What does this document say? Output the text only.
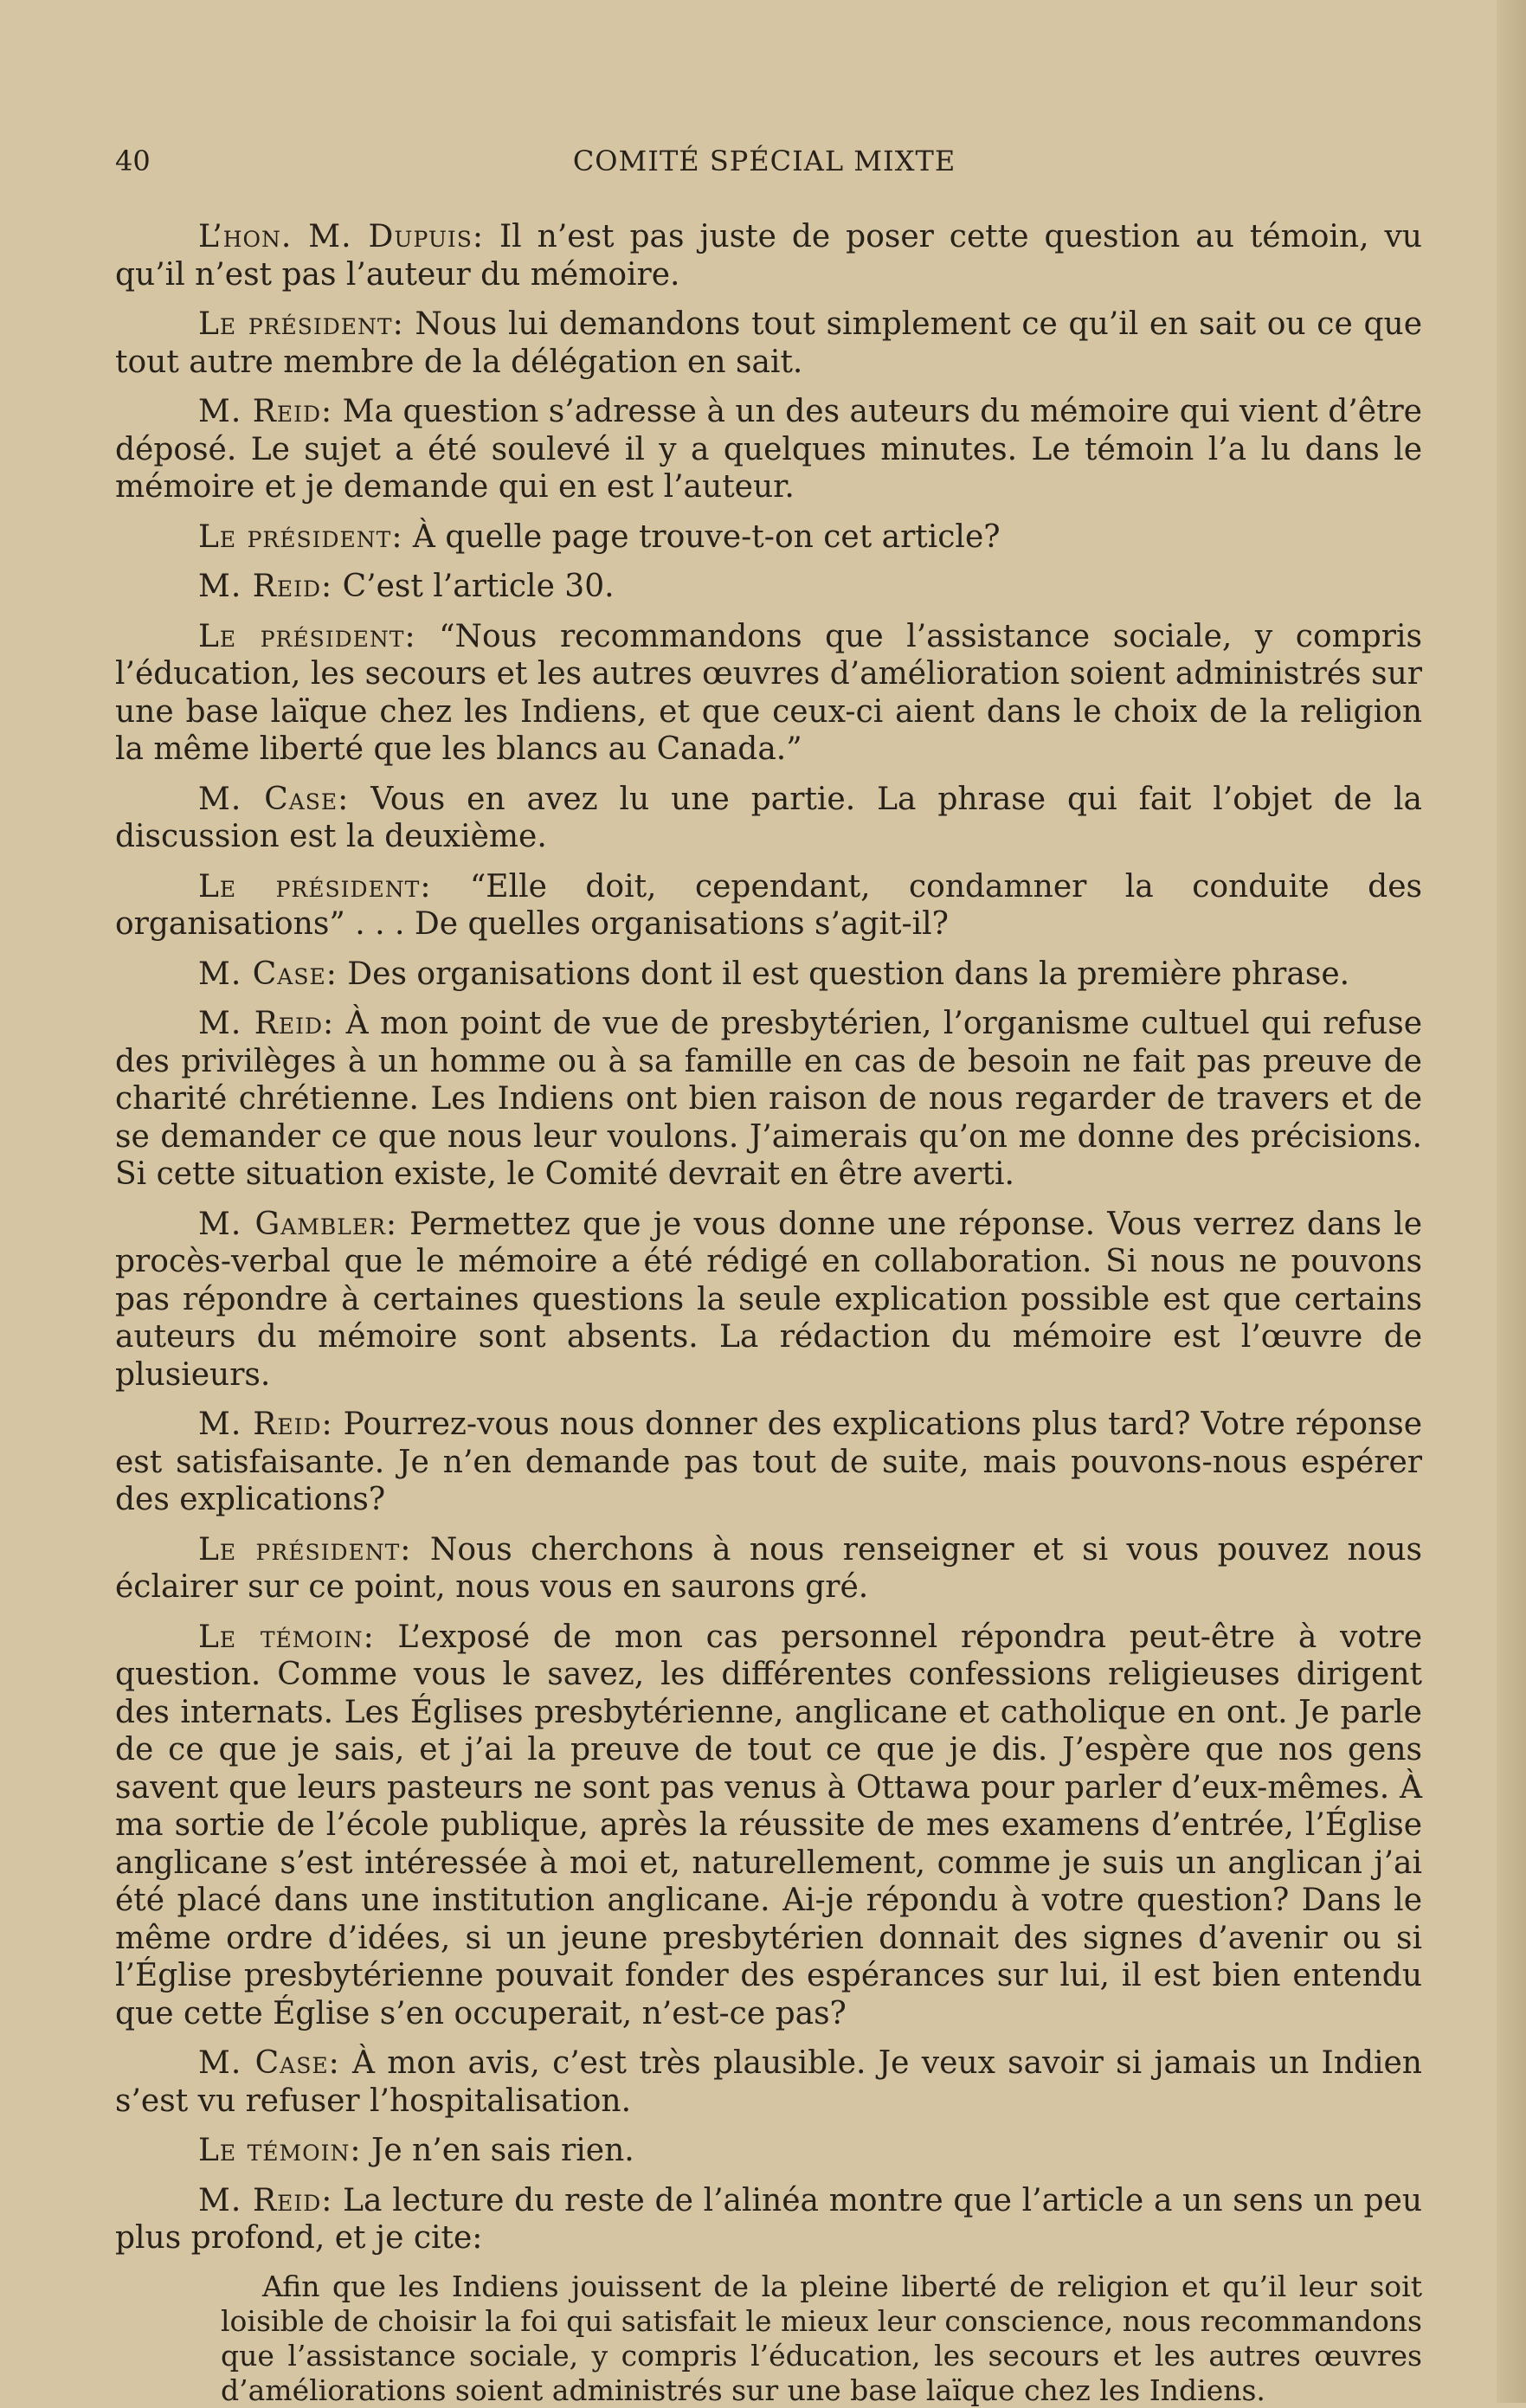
40	COMITÉ SPÉCIAL MIXTE

L’hon. M. Dupuis: Il n’est pas juste de poser cette question au témoin, vu qu’il n’est pas l’auteur du mémoire.

Le président: Nous lui demandons tout simplement ce qu’il en sait ou ce que tout autre membre de la délégation en sait.

M. Reid: Ma question s’adresse à un des auteurs du mémoire qui vient d’être déposé. Le sujet a été soulevé il y a quelques minutes. Le témoin l’a lu dans le mémoire et je demande qui en est l’auteur.

Le président: À quelle page trouve-t-on cet article?

M. Reid: C’est l’article 30.

Le président: “Nous recommandons que l’assistance sociale, y compris l’éducation, les secours et les autres œuvres d’amélioration soient administrés sur une base laïque chez les Indiens, et que ceux-ci aient dans le choix de la religion la même liberté que les blancs au Canada.”

M. Case: Vous en avez lu une partie. La phrase qui fait l’objet de la discussion est la deuxième.

Le président: “Elle doit, cependant, condamner la conduite des organisations” . . . De quelles organisations s’agit-il?

M. Case: Des organisations dont il est question dans la première phrase.

M. Reid: À mon point de vue de presbytérien, l’organisme cultuel qui refuse des privilèges à un homme ou à sa famille en cas de besoin ne fait pas preuve de charité chrétienne. Les Indiens ont bien raison de nous regarder de travers et de se demander ce que nous leur voulons. J’aimerais qu’on me donne des précisions. Si cette situation existe, le Comité devrait en être averti.

M. Gambler: Permettez que je vous donne une réponse. Vous verrez dans le procès-verbal que le mémoire a été rédigé en collaboration. Si nous ne pouvons pas répondre à certaines questions la seule explication possible est que certains auteurs du mémoire sont absents. La rédaction du mémoire est l’œuvre de plusieurs.

M. Reid: Pourrez-vous nous donner des explications plus tard? Votre réponse est satisfaisante. Je n’en demande pas tout de suite, mais pouvons-nous espérer des explications?

Le président: Nous cherchons à nous renseigner et si vous pouvez nous éclairer sur ce point, nous vous en saurons gré.

Le témoin: L’exposé de mon cas personnel répondra peut-être à votre question. Comme vous le savez, les différentes confessions religieuses dirigent des internats. Les Églises presbytérienne, anglicane et catholique en ont. Je parle de ce que je sais, et j’ai la preuve de tout ce que je dis. J’espère que nos gens savent que leurs pasteurs ne sont pas venus à Ottawa pour parler d’eux-mêmes. À ma sortie de l’école publique, après la réussite de mes examens d’entrée, l’Église anglicane s’est intéressée à moi et, naturellement, comme je suis un anglican j’ai été placé dans une institution anglicane. Ai-je répondu à votre question? Dans le même ordre d’idées, si un jeune presbytérien donnait des signes d’avenir ou si l’Église presbytérienne pouvait fonder des espérances sur lui, il est bien entendu que cette Église s’en occuperait, n’est-ce pas?

M. Case: À mon avis, c’est très plausible. Je veux savoir si jamais un Indien s’est vu refuser l’hospitalisation.

Le témoin: Je n’en sais rien.

M. Reid: La lecture du reste de l’alinéa montre que l’article a un sens un peu plus profond, et je cite:

Afin que les Indiens jouissent de la pleine liberté de religion et qu’il leur soit loisible de choisir la foi qui satisfait le mieux leur conscience, nous recommandons que l’assistance sociale, y compris l’éducation, les secours et les autres œuvres d’améliorations soient administrés sur une base laïque chez les Indiens.
